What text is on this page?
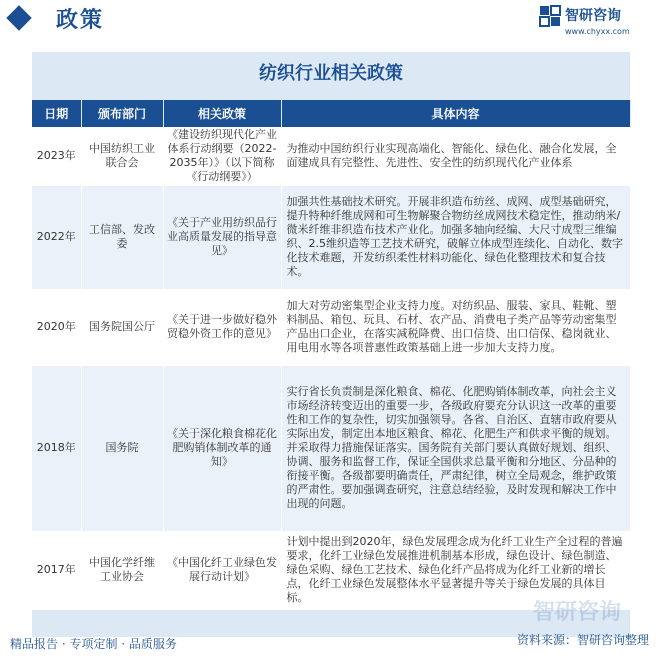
政策	智研咨询
www.chyxx.com
纺织行业相关政策
日期	颁布部门	相关政策	具体内容
2023年	中国纺织工业联合会	《建设纺织现代化产业体系行动纲要（2022-2035年）》（以下简称《行动纲要》）	为推动中国纺织行业实现高端化、智能化、绿色化、融合化发展，全面建成具有完整性、先进性、安全性的纺织现代化产业体系
2022年	工信部、发改委	《关于产业用纺织品行业高质量发展的指导意见》	加强共性基础技术研究。开展非织造布纺丝、成网、成型基础研究，提升特种纤维成网和可生物解聚合物纺丝成网技术稳定性，推动纳米/微米纤维非织造布技术产业化。加强多轴向经编、大尺寸成型三维编织、2.5维织造等工艺技术研究，破解立体成型连续化、自动化、数字化技术难题，开发纺织柔性材料功能化、绿色化整理技术和复合技术。
2020年	国务院国公厅	《关于进一步做好稳外贸稳外资工作的意见》	加大对劳动密集型企业支持力度。对纺织品、服装、家具、鞋靴、塑料制品、箱包、玩具、石材、农产品、消费电子类产品等劳动密集型产品出口企业，在落实减税降费、出口信贷、出口信保、稳岗就业、用电用水等各项普惠性政策基础上进一步加大支持力度。
2018年	国务院	《关于深化粮食棉花化肥购销体制改革的通知》	实行省长负责制是深化粮食、棉花、化肥购销体制改革，向社会主义市场经济转变迈出的重要一步，各级政府要充分认识这一改革的重要性和工作的复杂性，切实加强领导。各省、自治区、直辖市政府要从实际出发，制定出本地区粮食、棉花、化肥生产和供求平衡的规划。并采取得力措施保证落实。国务院有关部门要认真做好规划、组织、协调、服务和监督工作，保证全国供求总量平衡和分地区、分品种的衔接平衡。各级都要明确责任，严肃纪律，树立全局观念，维护政策的严肃性。要加强调查研究，注意总结经验，及时发现和解决工作中出现的问题。
2017年	中国化学纤维工业协会	《中国化纤工业绿色发展行动计划》	计划中提出到2020年，绿色发展理念成为化纤工业生产全过程的普遍要求，化纤工业绿色发展推进机制基本形成，绿色设计、绿色制造、绿色采购、绿色工艺技术、绿色化纤产品将成为化纤工业新的增长点，化纤工业绿色发展整体水平显著提升等关于绿色发展的具体目标。
精品报告 · 专项定制 · 品质服务	资料来源：智研咨询整理
